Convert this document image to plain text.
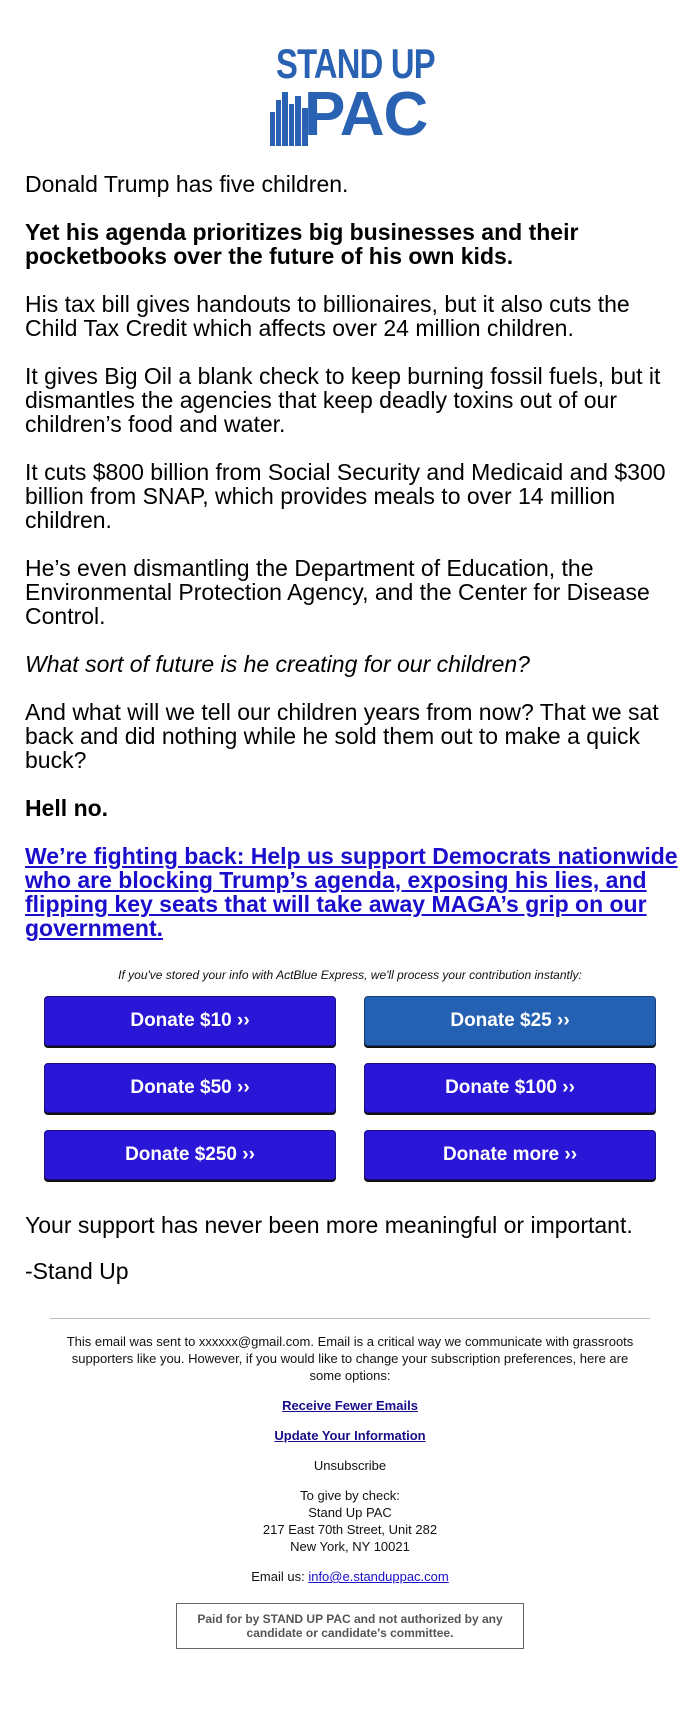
STAND UP
PAC

Donald Trump has five children.

Yet his agenda prioritizes big businesses and their pocketbooks over the future of his own kids.

His tax bill gives handouts to billionaires, but it also cuts the Child Tax Credit which affects over 24 million children.

It gives Big Oil a blank check to keep burning fossil fuels, but it dismantles the agencies that keep deadly toxins out of our children’s food and water.

It cuts $800 billion from Social Security and Medicaid and $300 billion from SNAP, which provides meals to over 14 million children.

He’s even dismantling the Department of Education, the Environmental Protection Agency, and the Center for Disease Control.

What sort of future is he creating for our children?

And what will we tell our children years from now? That we sat back and did nothing while he sold them out to make a quick buck?

Hell no.

We’re fighting back: Help us support Democrats nationwide who are blocking Trump’s agenda, exposing his lies, and flipping key seats that will take away MAGA’s grip on our government.
If you've stored your info with ActBlue Express, we'll process your contribution instantly:
Donate $10 ››	Donate $25 ››
Donate $50 ››	Donate $100 ››
Donate $250 ››	Donate more ››

Your support has never been more meaningful or important.

-Stand Up

This email was sent to xxxxxx@gmail.com. Email is a critical way we communicate with grassroots supporters like you. However, if you would like to change your subscription preferences, here are some options:

Receive Fewer Emails

Update Your Information

Unsubscribe

To give by check:
Stand Up PAC
217 East 70th Street, Unit 282
New York, NY 10021

Email us: info@e.standuppac.com

Paid for by STAND UP PAC and not authorized by any candidate or candidate's committee.
